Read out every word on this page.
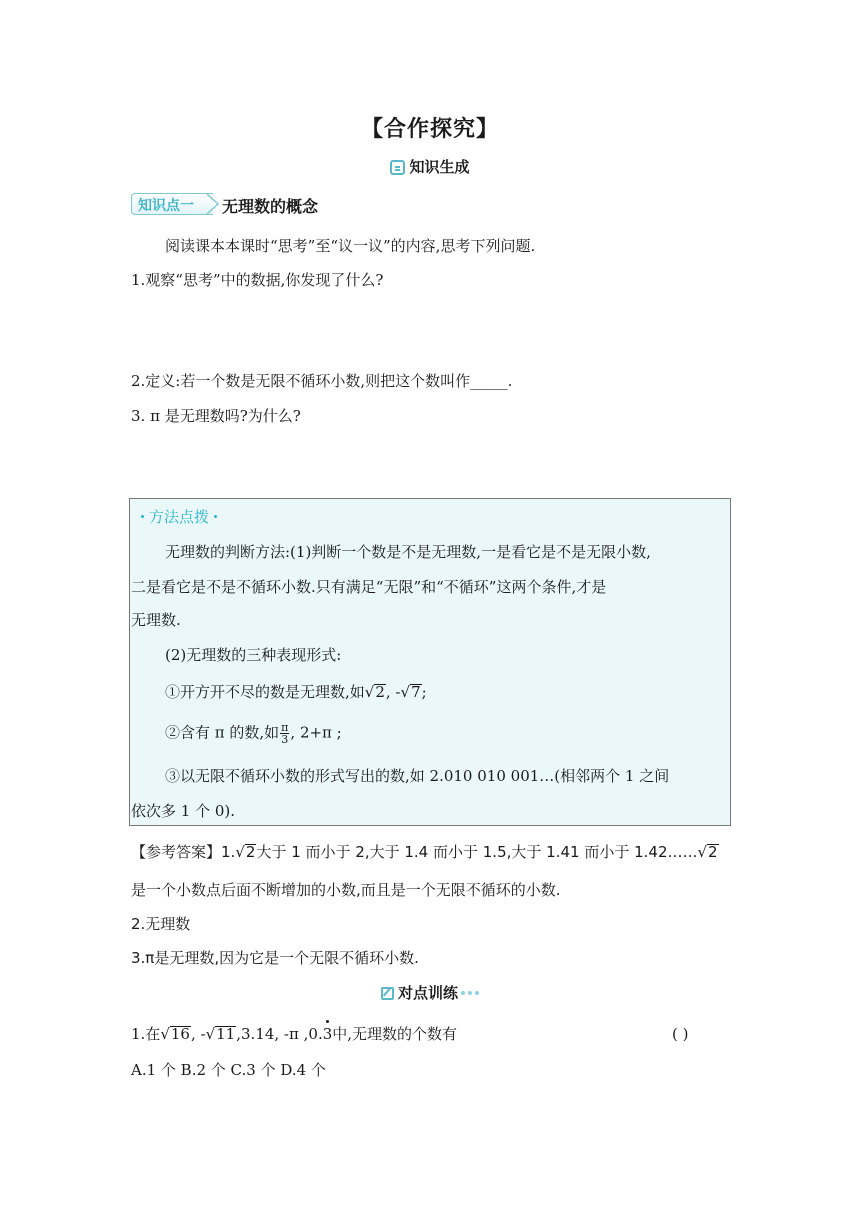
【合作探究】
知识生成
知识点一 无理数的概念
阅读课本本课时“思考”至“议一议”的内容,思考下列问题.
1.观察“思考”中的数据,你发现了什么?
2.定义:若一个数是无限不循环小数,则把这个数叫作_____.
3. π 是无理数吗?为什么?
方法点拨
无理数的判断方法:(1)判断一个数是不是无理数,一是看它是不是无限小数,
二是看它是不是不循环小数.只有满足“无限”和“不循环”这两个条件,才是
无理数.
(2)无理数的三种表现形式:
①开方开不尽的数是无理数,如√2, -√7;
②含有 π 的数,如 $\frac{\pi}{3}$ , 2+π ;
③以无限不循环小数的形式写出的数,如 2.010 010 001…(相邻两个 1 之间
依次多 1 个 0).
【参考答案】1.√2大于 1 而小于 2,大于 1.4 而小于 1.5,大于 1.41 而小于 1.42……√2
是一个小数点后面不断增加的小数,而且是一个无限不循环的小数.
2.无理数
3.π是无理数,因为它是一个无限不循环小数.
对点训练
1.在√16, -√11,3.14, -π ,0.3中,无理数的个数有	( )
A.1 个 B.2 个 C.3 个 D.4 个
